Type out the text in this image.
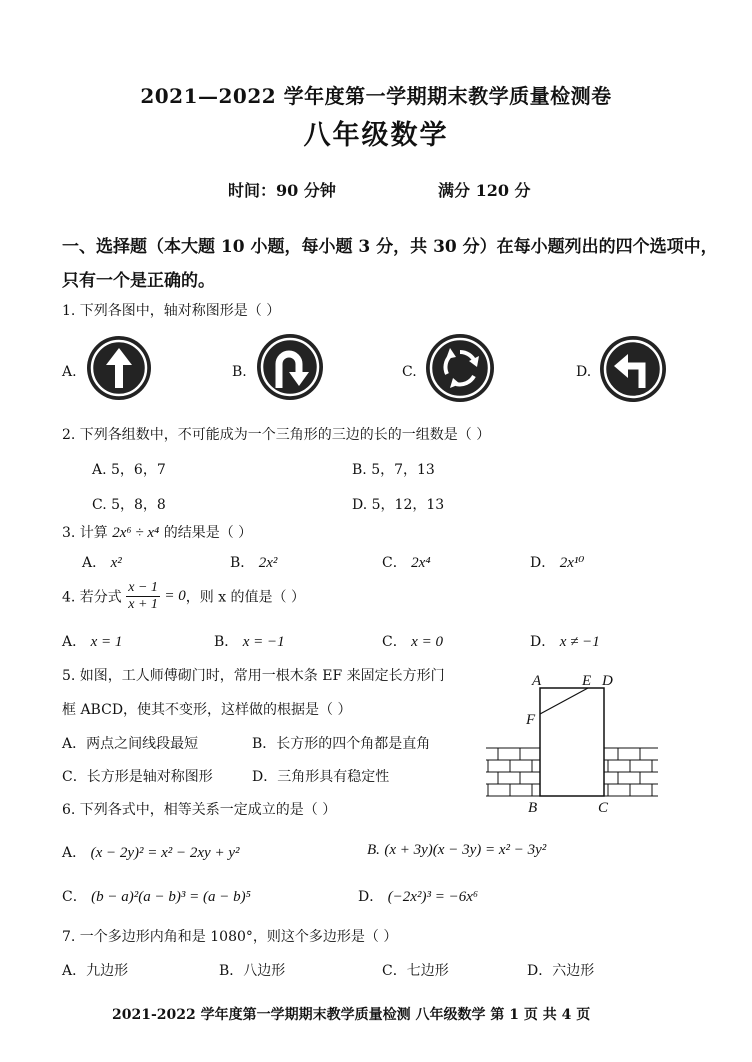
2021—2022 学年度第一学期期末教学质量检测卷
八年级数学
时间：90 分钟	满分 120 分
一、选择题（本大题 10 小题，每小题 3 分，共 30 分）在每小题列出的四个选项中，
只有一个是正确的。
1. 下列各图中，轴对称图形是（ ）
A.	B.	C.	D.
2. 下列各组数中，不可能成为一个三角形的三边的长的一组数是（ ）
A. 5，6，7	B. 5，7，13
C. 5，8，8	D. 5，12，13
3. 计算 2x⁶ ÷ x⁴ 的结果是（ ）
A． x²	B． 2x²	C． 2x⁴	D． 2x¹⁰
4. 若分式 $\frac{x - 1}{x + 1} = 0$，则 x 的值是（ ）
A． x = 1	B． x = −1	C． x = 0	D． x ≠ −1
5. 如图，工人师傅砌门时，常用一根木条 EF 来固定长方形门
框 ABCD，使其不变形，这样做的根据是（ ）
A．两点之间线段最短	B．长方形的四个角都是直角
C．长方形是轴对称图形	D．三角形具有稳定性
A	E D
F
B	C
6. 下列各式中，相等关系一定成立的是（ ）
A． (x − 2y)² = x² − 2xy + y²	B. (x + 3y)(x − 3y) = x² − 3y²
C． (b − a)²(a − b)³ = (a − b)⁵	D． (−2x²)³ = −6x⁶
7. 一个多边形内角和是 1080°，则这个多边形是（ ）
A．九边形	B．八边形	C．七边形	D．六边形
2021-2022 学年度第一学期期末教学质量检测 八年级数学 第 1 页 共 4 页
